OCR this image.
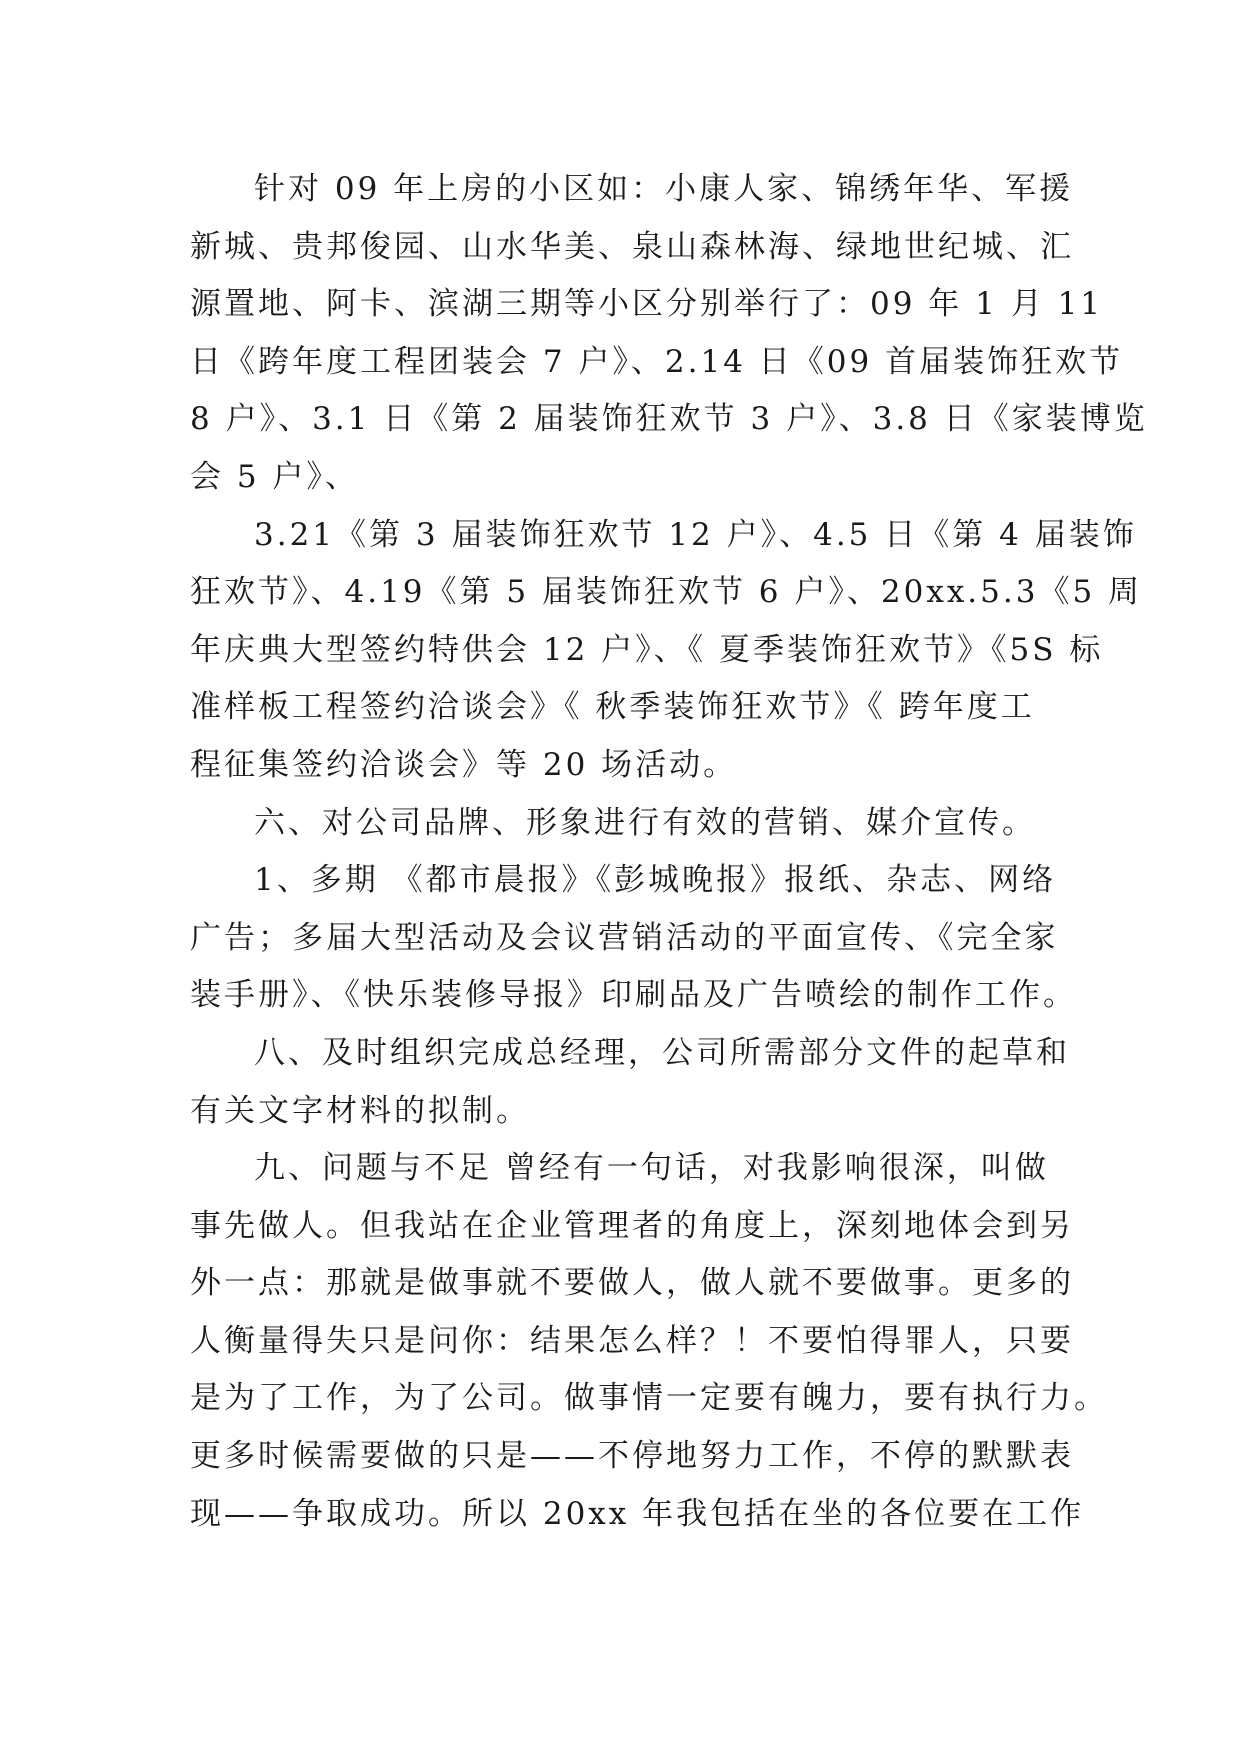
针对 09 年上房的小区如：小康人家、锦绣年华、军援
新城、贵邦俊园、山水华美、泉山森林海、绿地世纪城、汇
源置地、阿卡、滨湖三期等小区分别举行了：09 年 1 月 11
日《跨年度工程团装会 7 户》、2.14 日《09 首届装饰狂欢节
8 户》、3.1 日《第 2 届装饰狂欢节 3 户》、3.8 日《家装博览
会 5 户》、
3.21《第 3 届装饰狂欢节 12 户》、4.5 日《第 4 届装饰
狂欢节》、4.19《第 5 届装饰狂欢节 6 户》、20xx.5.3《5 周
年庆典大型签约特供会 12 户》、《 夏季装饰狂欢节》《5S 标
准样板工程签约洽谈会》《 秋季装饰狂欢节》《 跨年度工
程征集签约洽谈会》等 20 场活动。
六、对公司品牌、形象进行有效的营销、媒介宣传。
1、多期 《都市晨报》《彭城晚报》报纸、杂志、网络
广告；多届大型活动及会议营销活动的平面宣传、《完全家
装手册》、《快乐装修导报》印刷品及广告喷绘的制作工作。
八、及时组织完成总经理，公司所需部分文件的起草和
有关文字材料的拟制。
九、问题与不足 曾经有一句话，对我影响很深，叫做
事先做人。但我站在企业管理者的角度上，深刻地体会到另
外一点：那就是做事就不要做人，做人就不要做事。更多的
人衡量得失只是问你：结果怎么样？！不要怕得罪人，只要
是为了工作，为了公司。做事情一定要有魄力，要有执行力。
更多时候需要做的只是——不停地努力工作，不停的默默表
现——争取成功。所以 20xx 年我包括在坐的各位要在工作
